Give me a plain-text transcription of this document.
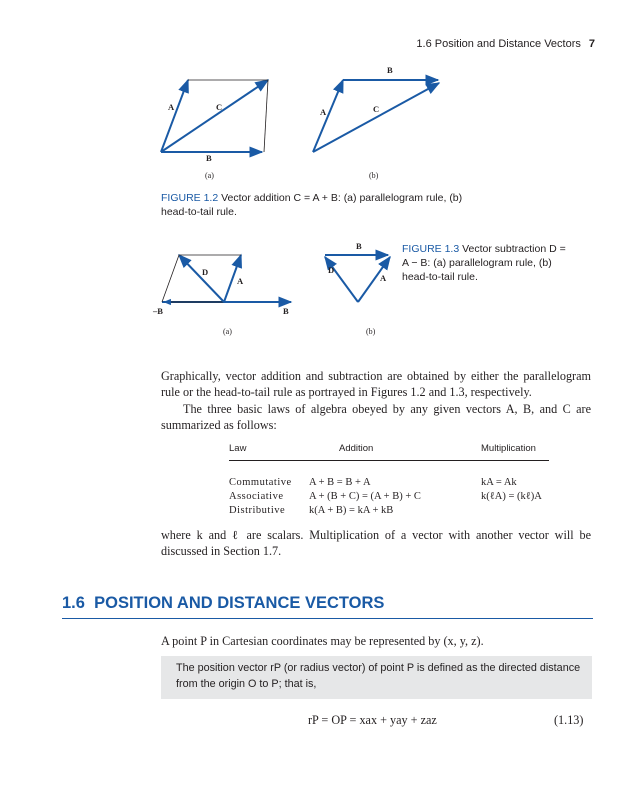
1.6 Position and Distance Vectors 7
A	C
B
(a)
B
A	C
(b)
D
A
–B	B
(a)
B
D
A
(b)
FIGURE 1.2 Vector addition C = A + B: (a) parallelogram rule, (b) head-to-tail rule.
FIGURE 1.3 Vector subtraction D = A − B: (a) parallelogram rule, (b) head-to-tail rule.
Graphically, vector addition and subtraction are obtained by either the parallelogram rule or the head-to-tail rule as portrayed in Figures 1.2 and 1.3, respectively.
The three basic laws of algebra obeyed by any given vectors A, B, and C are summarized as follows:
Law	Addition	Multiplication

Commutative	A + B = B + A	kA = Ak
Associative	A + (B + C) = (A + B) + C	k(ℓA) = (kℓ)A
Distributive	k(A + B) = kA + kB	
where k and ℓ are scalars. Multiplication of a vector with another vector will be discussed in Section 1.7.
1.6 POSITION AND DISTANCE VECTORS
A point P in Cartesian coordinates may be represented by (x, y, z).
The position vector rP (or radius vector) of point P is defined as the directed distance from the origin O to P; that is,
rP = OP = xax + yay + zaz	(1.13)
